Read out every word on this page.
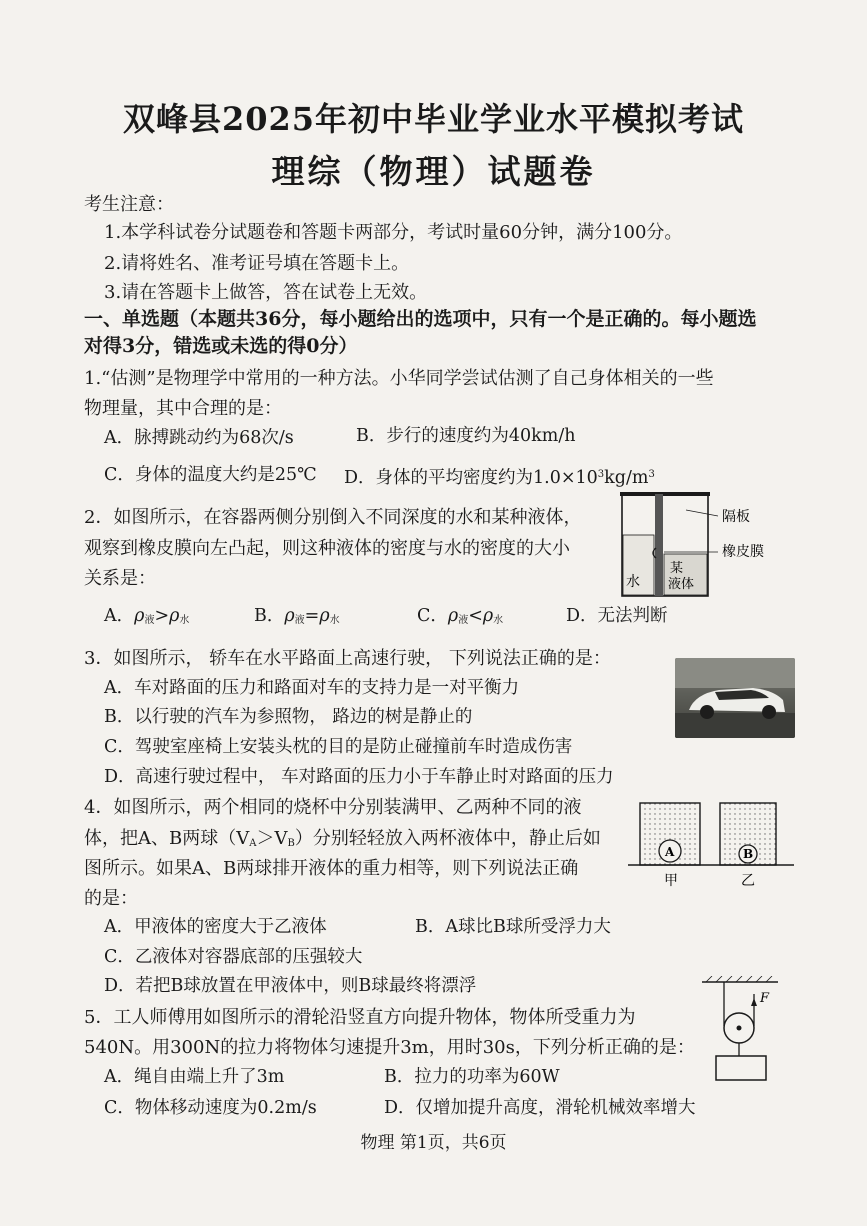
双峰县2025年初中毕业学业水平模拟考试
理综（物理）试题卷
考生注意：
1.本学科试卷分试题卷和答题卡两部分，考试时量60分钟，满分100分。
2.请将姓名、准考证号填在答题卡上。
3.请在答题卡上做答，答在试卷上无效。
一、单选题（本题共36分，每小题给出的选项中，只有一个是正确的。每小题选
对得3分，错选或未选的得0分）
1.“估测”是物理学中常用的一种方法。小华同学尝试估测了自己身体相关的一些
物理量，其中合理的是：
A．脉搏跳动约为68次/s	B．步行的速度约为40km/h
C．身体的温度大约是25℃ D．身体的平均密度约为$1.0\times 10^3kg/m^3$
2．如图所示，在容器两侧分别倒入不同深度的水和某种液体，
观察到橡皮膜向左凸起，则这种液体的密度与水的密度的大小
关系是：
A．$\rho_液>\rho_水$	B．$\rho_液=\rho_水$	C．$\rho_液<\rho_水$	D．无法判断
隔板
橡皮膜
水
某
液体
3．如图所示， 轿车在水平路面上高速行驶， 下列说法正确的是：
A．车对路面的压力和路面对车的支持力是一对平衡力
B．以行驶的汽车为参照物， 路边的树是静止的
C．驾驶室座椅上安装头枕的目的是防止碰撞前车时造成伤害
D．高速行驶过程中， 车对路面的压力小于车静止时对路面的压力
4．如图所示，两个相同的烧杯中分别装满甲、乙两种不同的液
体，把A、B两球$(V_A>V_B)$分别轻轻放入两杯液体中，静止后如
图所示。如果A、B两球排开液体的重力相等，则下列说法正确
的是：
A．甲液体的密度大于乙液体	B．A球比B球所受浮力大
C．乙液体对容器底部的压强较大
D．若把B球放置在甲液体中，则B球最终将漂浮
A	B
甲	乙
5．工人师傅用如图所示的滑轮沿竖直方向提升物体，物体所受重力为
540N。用300N的拉力将物体匀速提升3m，用时30s，下列分析正确的是：
A．绳自由端上升了3m	B．拉力的功率为60W
C．物体移动速度为0.2m/s	D．仅增加提升高度，滑轮机械效率增大
F
物理 第1页，共6页
